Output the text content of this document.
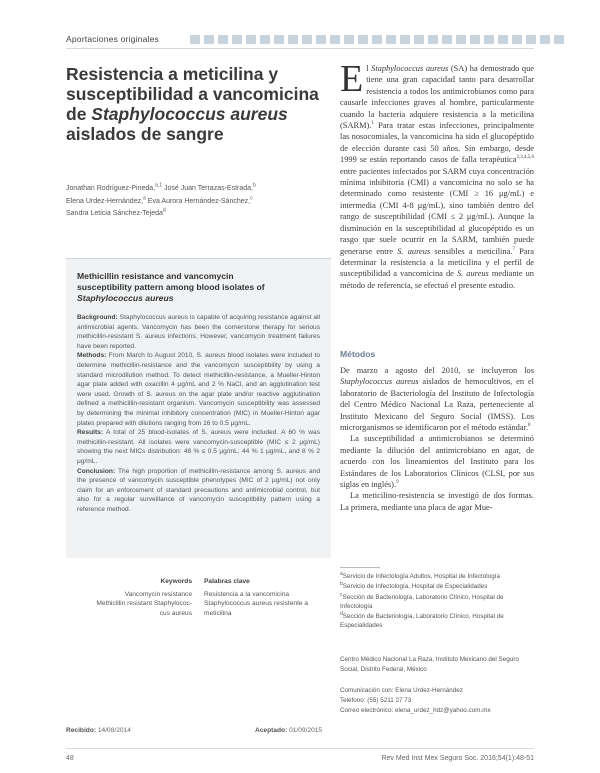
Aportaciones originales
Resistencia a meticilina y
susceptibilidad a vancomicina
de Staphylococcus aureus
aislados de sangre
Jonathan Rodríguez-Pineda,$^{a,1}$ José Juan Terrazas-Estrada,$^b$
Elena Urdez-Hernández,$^a$ Eva Aurora Hernández-Sánchez,$^c$
Sandra Leticia Sánchez-Tejeda$^d$
Methicillin resistance and vancomycin
susceptibility pattern among blood isolates of
Staphylococcus aureus

Background: Staphylococcus aureus is capable of acquiring resistance against all antimicrobial agents. Vancomycin has been the cornerstone therapy for serious methicillin-resistant S. aureus infections. However, vancomycin treatment failures have been reported.

Methods: From March to August 2010, S. aureus blood isolates were included to determine methicillin-resistance and the vancomycin susceptibility by using a standard microdilution method. To detect methicillin-resistance, a Mueller-Hinton agar plate added with oxacillin 4 μg/mL and 2 % NaCl, and an agglutination test were used. Growth of S. aureus on the agar plate and/or reactive agglutination defined a methicillin-resistant organism. Vancomycin susceptibility was assessed by determining the minimal inhibitory concentration (MIC) in Mueller-Hinton agar plates prepared with dilutions ranging from 16 to 0.5 μg/mL.

Results: A total of 25 blood-isolates of S. aureus were included. A 60 % was methicillin-resistant. All isolates were vancomycin-susceptible (MIC ≤ 2 μg/mL) showing the next MICs distribution: 48 % ≤ 0.5 μg/mL; 44 % 1 μg/mL, and 8 % 2 μg/mL.

Conclusion: The high proportion of methicillin-resistance among S. aureus and the presence of vancomycin susceptible phenotypes (MIC of 2 μg/mL) not only claim for an enforcement of standard precautions and antimicrobial control, but also for a regular surveillance of vancomycin susceptibility pattern using a reference method.

Keywords
Vancomycin resistance
Methicillin resistant Staphylococ-
cus aureus
Palabras clave
Resistencia a la vancomicina
Staphylococcus aureus resistente a
meticilina
Recibido: 14/08/2014	Aceptado: 01/09/2015
48	Rev Med Inst Mex Seguro Soc. 2016;54(1):48-51

El Staphylococcus aureus (SA) ha demostrado que tiene una gran capacidad tanto para desarrollar resistencia a todos los antimicrobianos como para causarle infecciones graves al hombre, particularmente cuando la bacteria adquiere resistencia a la meticilina (SARM).$^1$ Para tratar estas infecciones, principalmente las nosocomiales, la vancomicina ha sido el glucopéptido de elección durante casi 50 años. Sin embargo, desde 1999 se están reportando casos de falla terapéutica$^{2,3,4,5,6}$ entre pacientes infectados por SARM cuya concentración mínima inhibitoria (CMI) a vancomicina no solo se ha determinado como resistente (CMI ≥ 16 μg/mL) e intermedia (CMI 4-8 μg/mL), sino también dentro del rango de susceptibilidad (CMI ≤ 2 μg/mL). Aunque la disminución en la susceptibilidad al glucopéptido es un rasgo que suele ocurrir en la SARM, también puede generarse entre S. aureus sensibles a meticilina.$^7$ Para determinar la resistencia a la meticilina y el perfil de susceptibilidad a vancomicina de S. aureus mediante un método de referencia, se efectuó el presente estudio.

Métodos

De marzo a agosto del 2010, se incluyeron los Staphylococcus aureus aislados de hemocultivos, en el laboratorio de Bacteriología del Instituto de Infectología del Centro Médico Nacional La Raza, perteneciente al Instituto Mexicano del Seguro Social (IMSS). Los microrganismos se identificaron por el método estándar.$^8$

La susceptibilidad a antimicrobianos se determinó mediante la dilución del antimicrobiano en agar, de acuerdo con los lineamientos del Instituto para los Estándares de los Laboratorios Clínicos (CLSI, por sus siglas en inglés).$^9$

La meticilino-resistencia se investigó de dos formas. La primera, mediante una placa de agar Mue-

$^a$Servicio de Infectología Adultos, Hospital de Infectología

$^b$Servicio de Infectología, Hospital de Especialidades

$^c$Sección de Bacteriología, Laboratorio Clínico, Hospital de Infectología

$^d$Sección de Bacteriología, Laboratorio Clínico, Hospital de Especialidades

Centro Médico Nacional La Raza, Instituto Mexicano del Seguro Social, Distrito Federal, México
Comunicación con: Elena Urdez-Hernández
Teléfono: (55) 5211 27 73
Correo electrónico: elena_urdez_hdz@yahoo.com.mx
